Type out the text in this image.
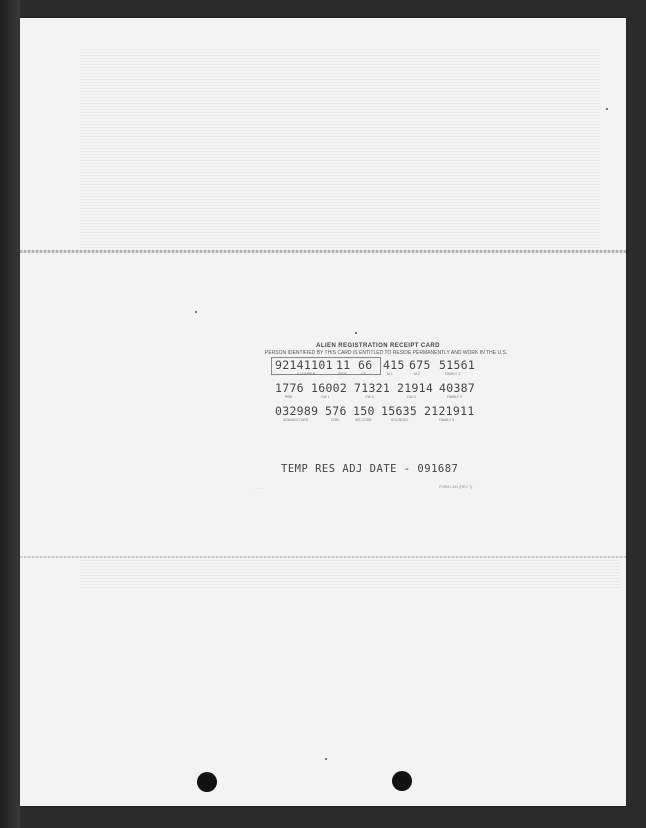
ALIEN REGISTRATION RECEIPT CARD
PERSON IDENTIFIED BY THIS CARD IS ENTITLED TO RESIDE PERMANENTLY AND WORK IN THE U.S.
92141101
A NUMBER
11
ISS/T
66
CS
415
M.1
675
M.2
51561
FAMILY 1
1776
PBD
16002
CW 1
71321
CW 2
21914
CW 3
40387
FAMILY 2
032989
ADM/ADJ DATE
576
COB
150
IAS CODE
15635
SOUNDEX
2121911
FAMILY 3
TEMP RES ADJ DATE - 091687
·········	FORM I-151 (REV. 7)
